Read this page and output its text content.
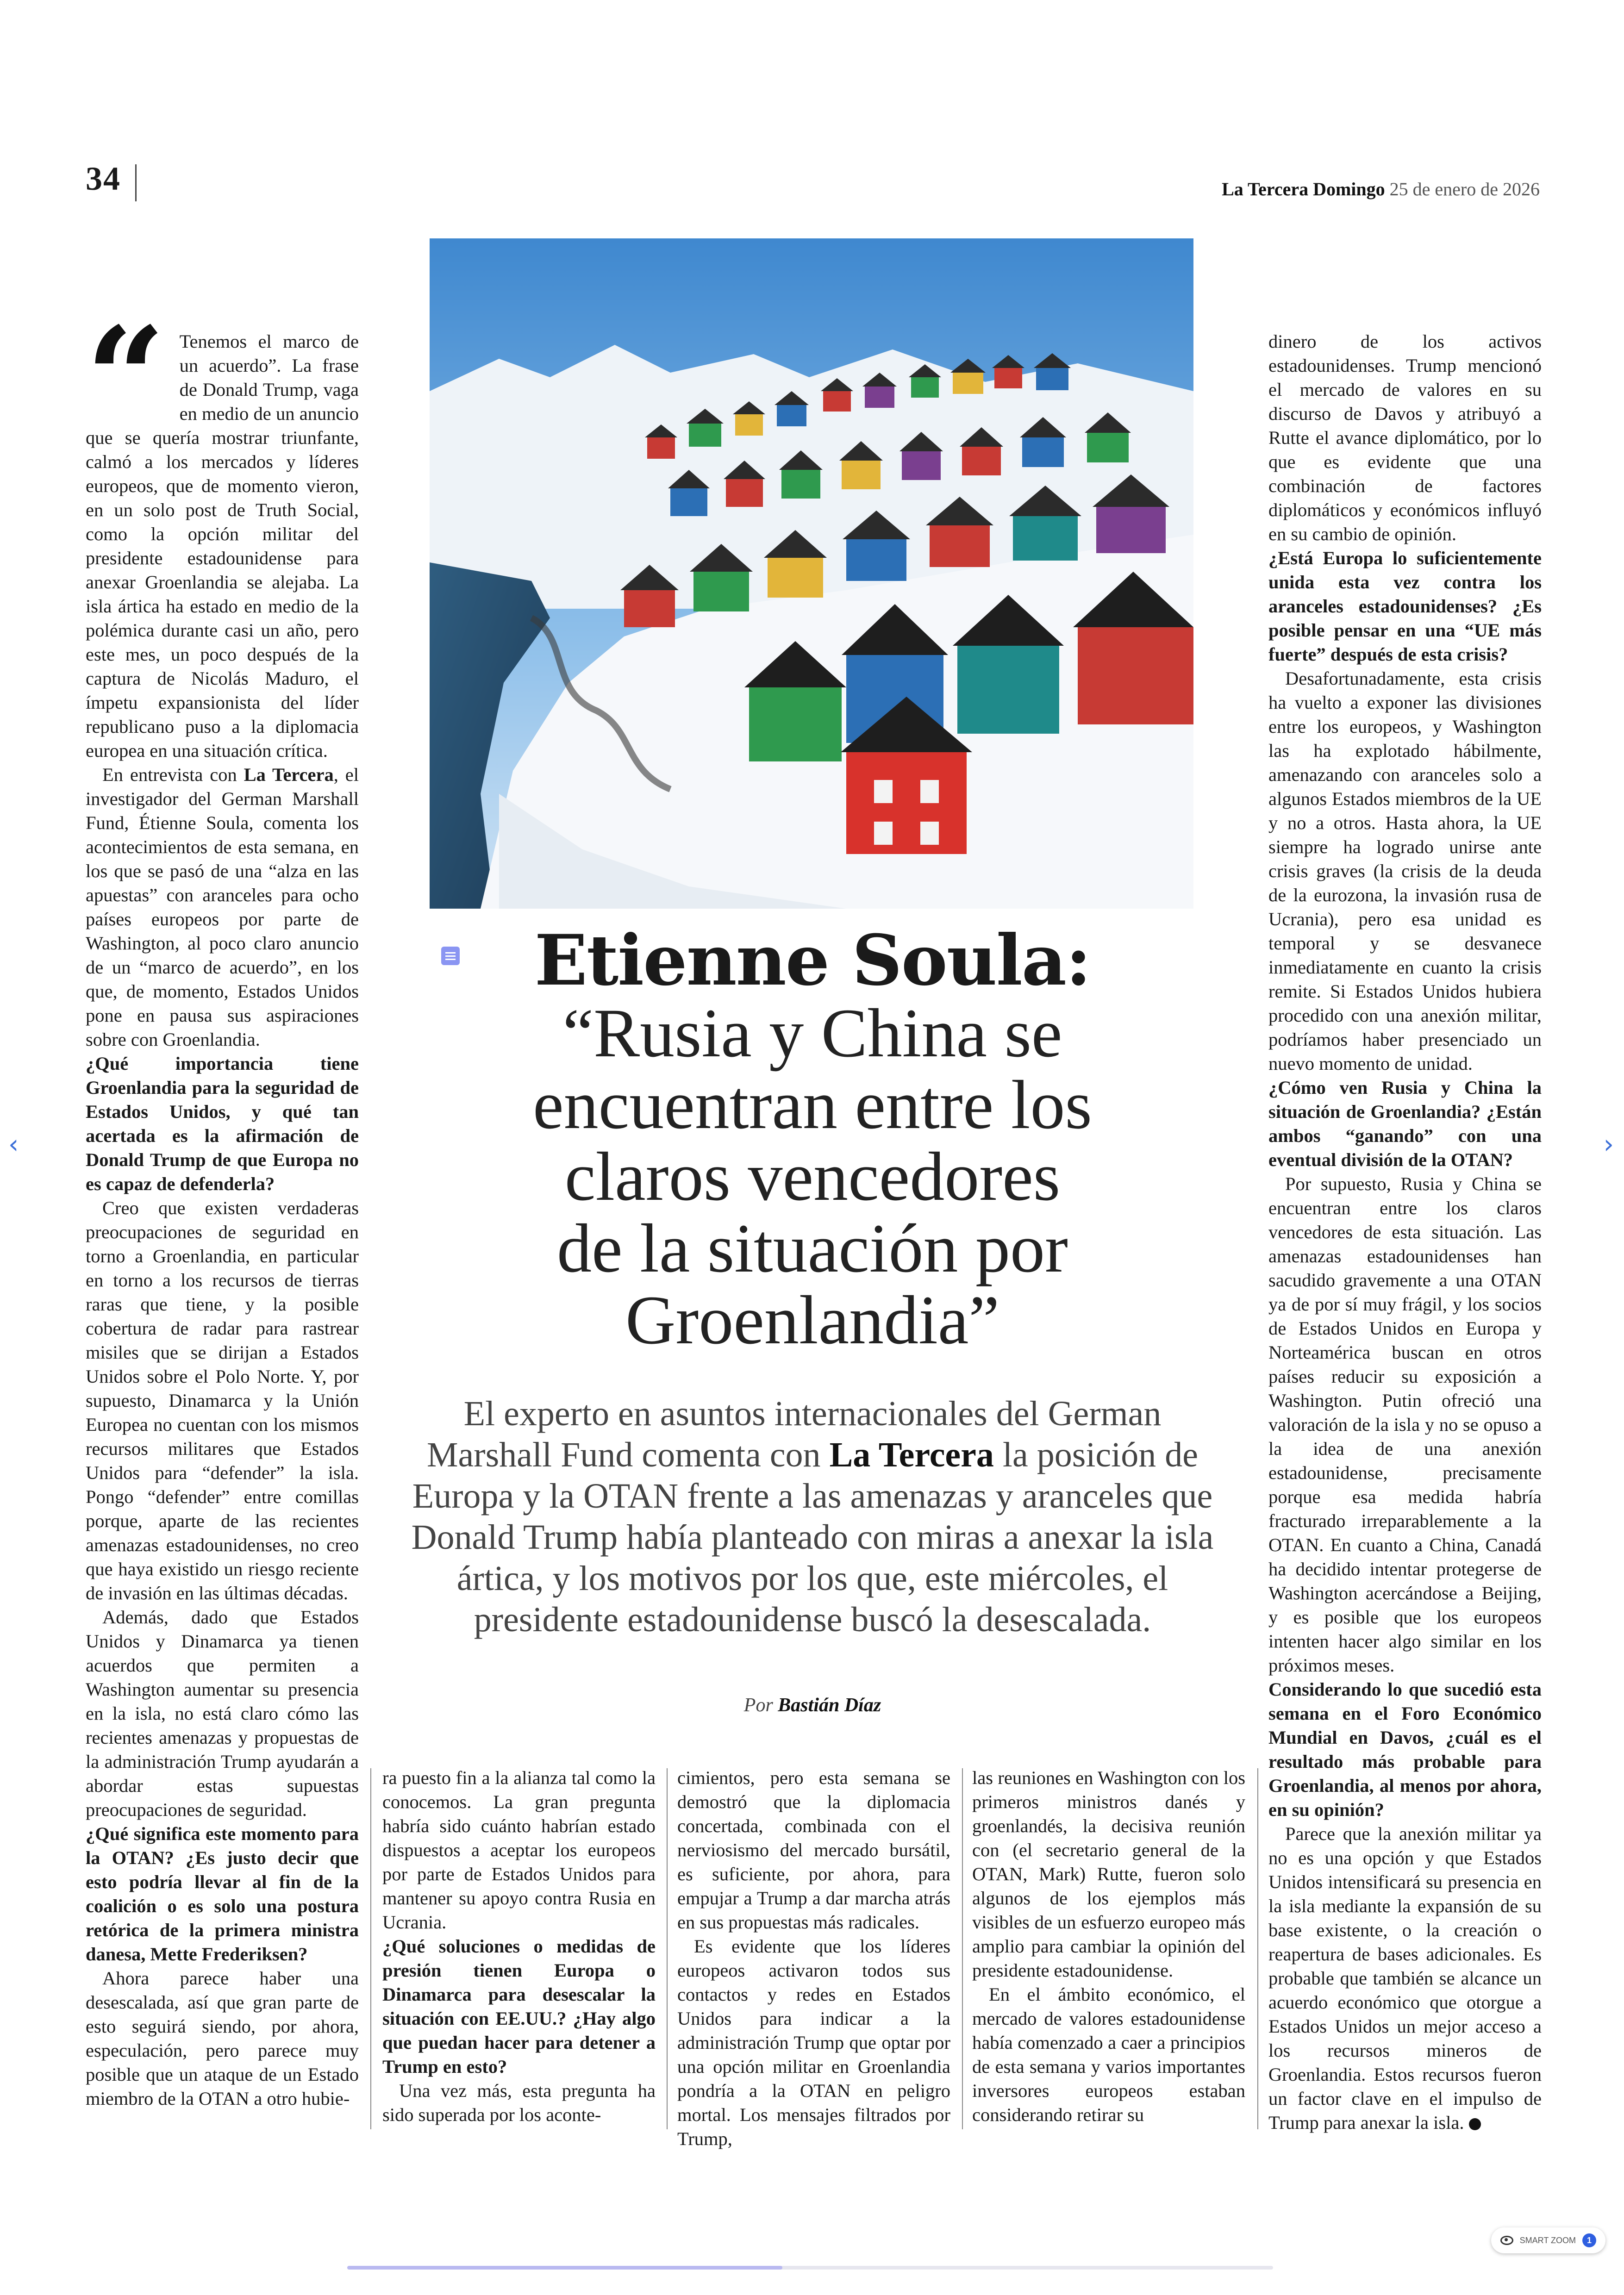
34	La Tercera Domingo 25 de enero de 2026
“ Tenemos el marco de un acuerdo”. La frase de Donald Trump, vaga en medio de un anuncio que se quería mostrar triunfante, calmó a los mercados y líderes europeos, que de momento vieron, en un solo post de Truth Social, como la opción militar del presidente estadounidense para anexar Groenlandia se alejaba. La isla ártica ha estado en medio de la polémica durante casi un año, pero este mes, un poco después de la captura de Nicolás Maduro, el ímpetu expansionista del líder republicano puso a la diplomacia europea en una situación crítica.

En entrevista con La Tercera, el investigador del German Marshall Fund, Étienne Soula, comenta los acontecimientos de esta semana, en los que se pasó de una “alza en las apuestas” con aranceles para ocho países europeos por parte de Washington, al poco claro anuncio de un “marco de acuerdo”, en los que, de momento, Estados Unidos pone en pausa sus aspiraciones sobre con Groenlandia.

¿Qué importancia tiene Groenlandia para la seguridad de Estados Unidos, y qué tan acertada es la afirmación de Donald Trump de que Europa no es capaz de defenderla?

Creo que existen verdaderas preocupaciones de seguridad en torno a Groenlandia, en particular en torno a los recursos de tierras raras que tiene, y la posible cobertura de radar para rastrear misiles que se dirijan a Estados Unidos sobre el Polo Norte. Y, por supuesto, Dinamarca y la Unión Europea no cuentan con los mismos recursos militares que Estados Unidos para “defender” la isla. Pongo “defender” entre comillas porque, aparte de las recientes amenazas estadounidenses, no creo que haya existido un riesgo reciente de invasión en las últimas décadas.

Además, dado que Estados Unidos y Dinamarca ya tienen acuerdos que permiten a Washington aumentar su presencia en la isla, no está claro cómo las recientes amenazas y propuestas de la administración Trump ayudarán a abordar estas supuestas preocupaciones de seguridad.

¿Qué significa este momento para la OTAN? ¿Es justo decir que esto podría llevar al fin de la coalición o es solo una postura retórica de la primera ministra danesa, Mette Frederiksen?

Ahora parece haber una desescalada, así que gran parte de esto seguirá siendo, por ahora, especulación, pero parece muy posible que un ataque de un Estado miembro de la OTAN a otro hubie-

Etienne Soula:
“Rusia y China se
encuentran entre los
claros vencedores
de la situación por
Groenlandia”
El experto en asuntos internacionales del German Marshall Fund comenta con La Tercera la posición de Europa y la OTAN frente a las amenazas y aranceles que Donald Trump había planteado con miras a anexar la isla ártica, y los motivos por los que, este miércoles, el presidente estadounidense buscó la desescalada.
Por Bastián Díaz

ra puesto fin a la alianza tal como la conocemos. La gran pregunta habría sido cuánto habrían estado dispuestos a aceptar los europeos por parte de Estados Unidos para mantener su apoyo contra Rusia en Ucrania.

¿Qué soluciones o medidas de presión tienen Europa o Dinamarca para desescalar la situación con EE.UU.? ¿Hay algo que puedan hacer para detener a Trump en esto?

Una vez más, esta pregunta ha sido superada por los aconte-

cimientos, pero esta semana se demostró que la diplomacia concertada, combinada con el nerviosismo del mercado bursátil, es suficiente, por ahora, para empujar a Trump a dar marcha atrás en sus propuestas más radicales.

Es evidente que los líderes europeos activaron todos sus contactos y redes en Estados Unidos para indicar a la administración Trump que optar por una opción militar en Groenlandia pondría a la OTAN en peligro mortal. Los mensajes filtrados por Trump,

las reuniones en Washington con los primeros ministros danés y groenlandés, la decisiva reunión con (el secretario general de la OTAN, Mark) Rutte, fueron solo algunos de los ejemplos más visibles de un esfuerzo europeo más amplio para cambiar la opinión del presidente estadounidense.

En el ámbito económico, el mercado de valores estadounidense había comenzado a caer a principios de esta semana y varios importantes inversores europeos estaban considerando retirar su

dinero de los activos estadounidenses. Trump mencionó el mercado de valores en su discurso de Davos y atribuyó a Rutte el avance diplomático, por lo que es evidente que una combinación de factores diplomáticos y económicos influyó en su cambio de opinión.

¿Está Europa lo suficientemente unida esta vez contra los aranceles estadounidenses? ¿Es posible pensar en una “UE más fuerte” después de esta crisis?

Desafortunadamente, esta crisis ha vuelto a exponer las divisiones entre los europeos, y Washington las ha explotado hábilmente, amenazando con aranceles solo a algunos Estados miembros de la UE y no a otros. Hasta ahora, la UE siempre ha logrado unirse ante crisis graves (la crisis de la deuda de la eurozona, la invasión rusa de Ucrania), pero esa unidad es temporal y se desvanece inmediatamente en cuanto la crisis remite. Si Estados Unidos hubiera procedido con una anexión militar, podríamos haber presenciado un nuevo momento de unidad.

¿Cómo ven Rusia y China la situación de Groenlandia? ¿Están ambos “ganando” con una eventual división de la OTAN?

Por supuesto, Rusia y China se encuentran entre los claros vencedores de esta situación. Las amenazas estadounidenses han sacudido gravemente a una OTAN ya de por sí muy frágil, y los socios de Estados Unidos en Europa y Norteamérica buscan en otros países reducir su exposición a Washington. Putin ofreció una valoración de la isla y no se opuso a la idea de una anexión estadounidense, precisamente porque esa medida habría fracturado irreparablemente a la OTAN. En cuanto a China, Canadá ha decidido intentar protegerse de Washington acercándose a Beijing, y es posible que los europeos intenten hacer algo similar en los próximos meses.

Considerando lo que sucedió esta semana en el Foro Económico Mundial en Davos, ¿cuál es el resultado más probable para Groenlandia, al menos por ahora, en su opinión?

Parece que la anexión militar ya no es una opción y que Estados Unidos intensificará su presencia en la isla mediante la expansión de su base existente, o la creación o reapertura de bases adicionales. Es probable que también se alcance un acuerdo económico que otorgue a Estados Unidos un mejor acceso a los recursos mineros de Groenlandia. Estos recursos fueron un factor clave en el impulso de Trump para anexar la isla.

‹	›
SMART ZOOM	1
